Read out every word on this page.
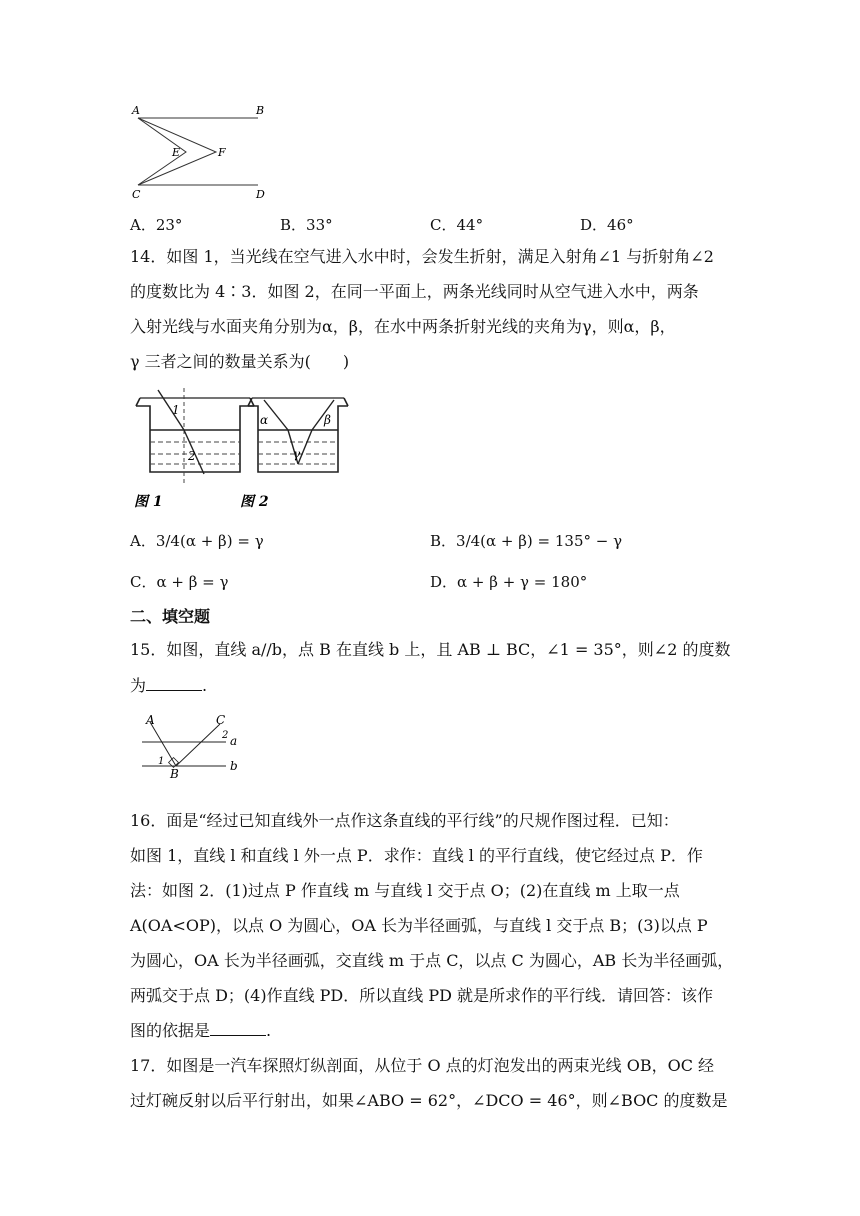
A	B
C	D
E	F
A．23°	B．33°	C．44°	D．46°
14．如图 1，当光线在空气进入水中时，会发生折射，满足入射角∠1 与折射角∠2
的度数比为 4∶3．如图 2，在同一平面上，两条光线同时从空气进入水中，两条
入射光线与水面夹角分别为α，β，在水中两条折射光线的夹角为γ，则α，β，
γ 三者之间的数量关系为(　　)
1
2
α	β
γ
图 1	图 2
A．3/4(α + β) = γ	B．3/4(α + β) = 135° − γ
C．α + β = γ	D．α + β + γ = 180°
二、填空题
15．如图，直线 a//b，点 B 在直线 b 上，且 AB ⊥ BC，∠1 = 35°，则∠2 的度数
为	.
A	C
B
a
b
1
2
16．面是“经过已知直线外一点作这条直线的平行线”的尺规作图过程．已知：
如图 1，直线 l 和直线 l 外一点 P．求作：直线 l 的平行直线，使它经过点 P．作
法：如图 2．(1)过点 P 作直线 m 与直线 l 交于点 O；(2)在直线 m 上取一点
A(OA<OP)，以点 O 为圆心，OA 长为半径画弧，与直线 l 交于点 B；(3)以点 P
为圆心，OA 长为半径画弧，交直线 m 于点 C，以点 C 为圆心，AB 长为半径画弧，
两弧交于点 D；(4)作直线 PD．所以直线 PD 就是所求作的平行线．请回答：该作
图的依据是	.
17．如图是一汽车探照灯纵剖面，从位于 O 点的灯泡发出的两束光线 OB，OC 经
过灯碗反射以后平行射出，如果∠ABO = 62°，∠DCO = 46°，则∠BOC 的度数是
